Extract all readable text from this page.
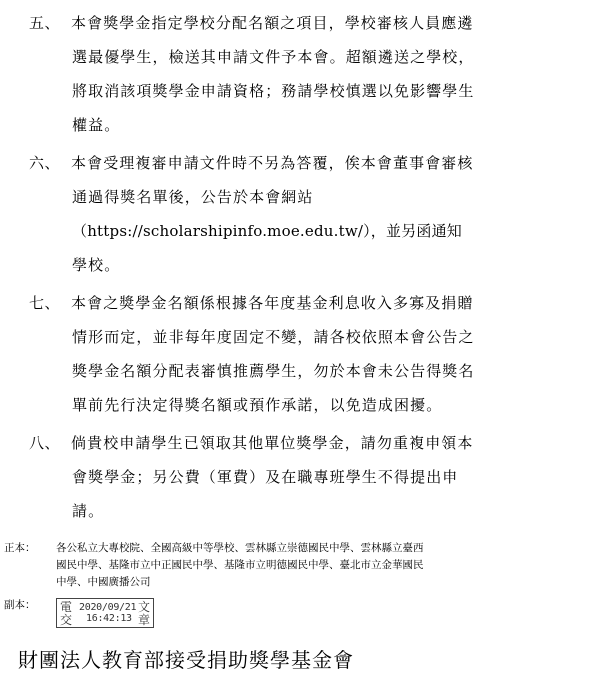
五、 本會獎學金指定學校分配名額之項目，學校審核人員應遴
選最優學生，檢送其申請文件予本會。超額遴送之學校，
將取消該項獎學金申請資格；務請學校慎選以免影響學生
權益。
六、 本會受理複審申請文件時不另為答覆，俟本會董事會審核
通過得獎名單後，公告於本會網站
（https://scholarshipinfo.moe.edu.tw/），並另函通知
學校。
七、 本會之獎學金名額係根據各年度基金利息收入多寡及捐贈
情形而定，並非每年度固定不變，請各校依照本會公告之
獎學金名額分配表審慎推薦學生，勿於本會未公告得獎名
單前先行決定得獎名額或預作承諾，以免造成困擾。
八、 倘貴校申請學生已領取其他單位獎學金，請勿重複申領本
會獎學金；另公費（軍費）及在職專班學生不得提出申
請。
正本： 各公私立大專校院、全國高級中等學校、雲林縣立崇德國民中學、雲林縣立臺西
國民中學、基隆市立中正國民中學、基隆市立明德國民中學、臺北市立金華國民
中學、中國廣播公司
副本： 電
交
文
章
2020/09/21
16:42:13
財團法人教育部接受捐助獎學基金會
